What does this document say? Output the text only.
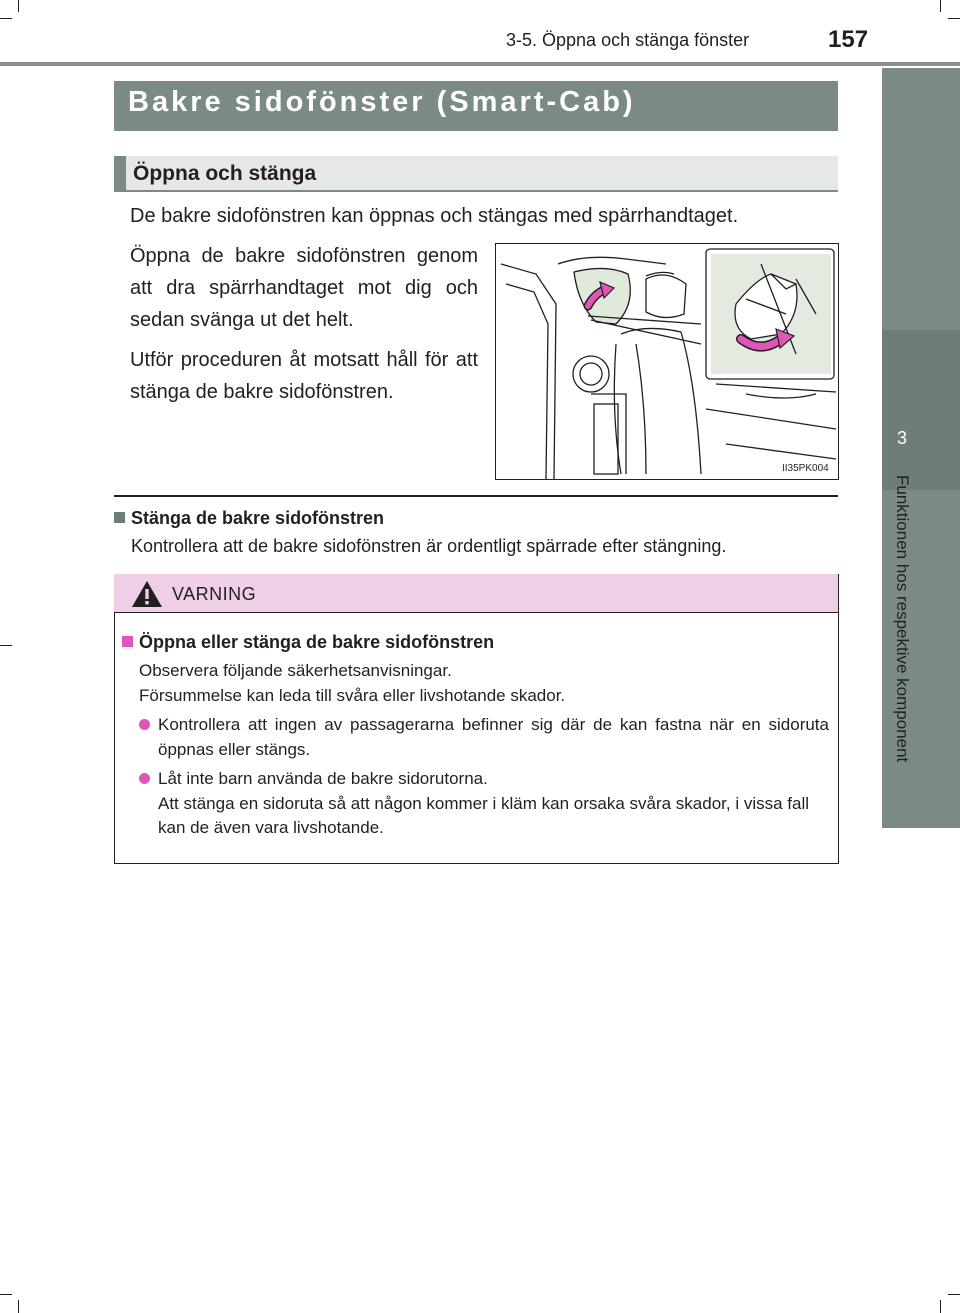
3-5. Öppna och stänga fönster	157
3
Funktionen hos respektive komponent
Bakre sidofönster (Smart-Cab)
Öppna och stänga
De bakre sidofönstren kan öppnas och stängas med spärrhandtaget.

Öppna de bakre sidofönstren genom att dra spärrhandtaget mot dig och sedan svänga ut det helt.

Utför proceduren åt motsatt håll för att stänga de bakre sidofönstren.

II35PK004
Stänga de bakre sidofönstren
Kontrollera att de bakre sidofönstren är ordentligt spärrade efter stängning.
VARNING
Öppna eller stänga de bakre sidofönstren
Observera följande säkerhetsanvisningar.
Försummelse kan leda till svåra eller livshotande skador.
Kontrollera att ingen av passagerarna befinner sig där de kan fastna när en sidoruta öppnas eller stängs.
Låt inte barn använda de bakre sidorutorna.
Att stänga en sidoruta så att någon kommer i kläm kan orsaka svåra skador, i vissa fall kan de även vara livshotande.
